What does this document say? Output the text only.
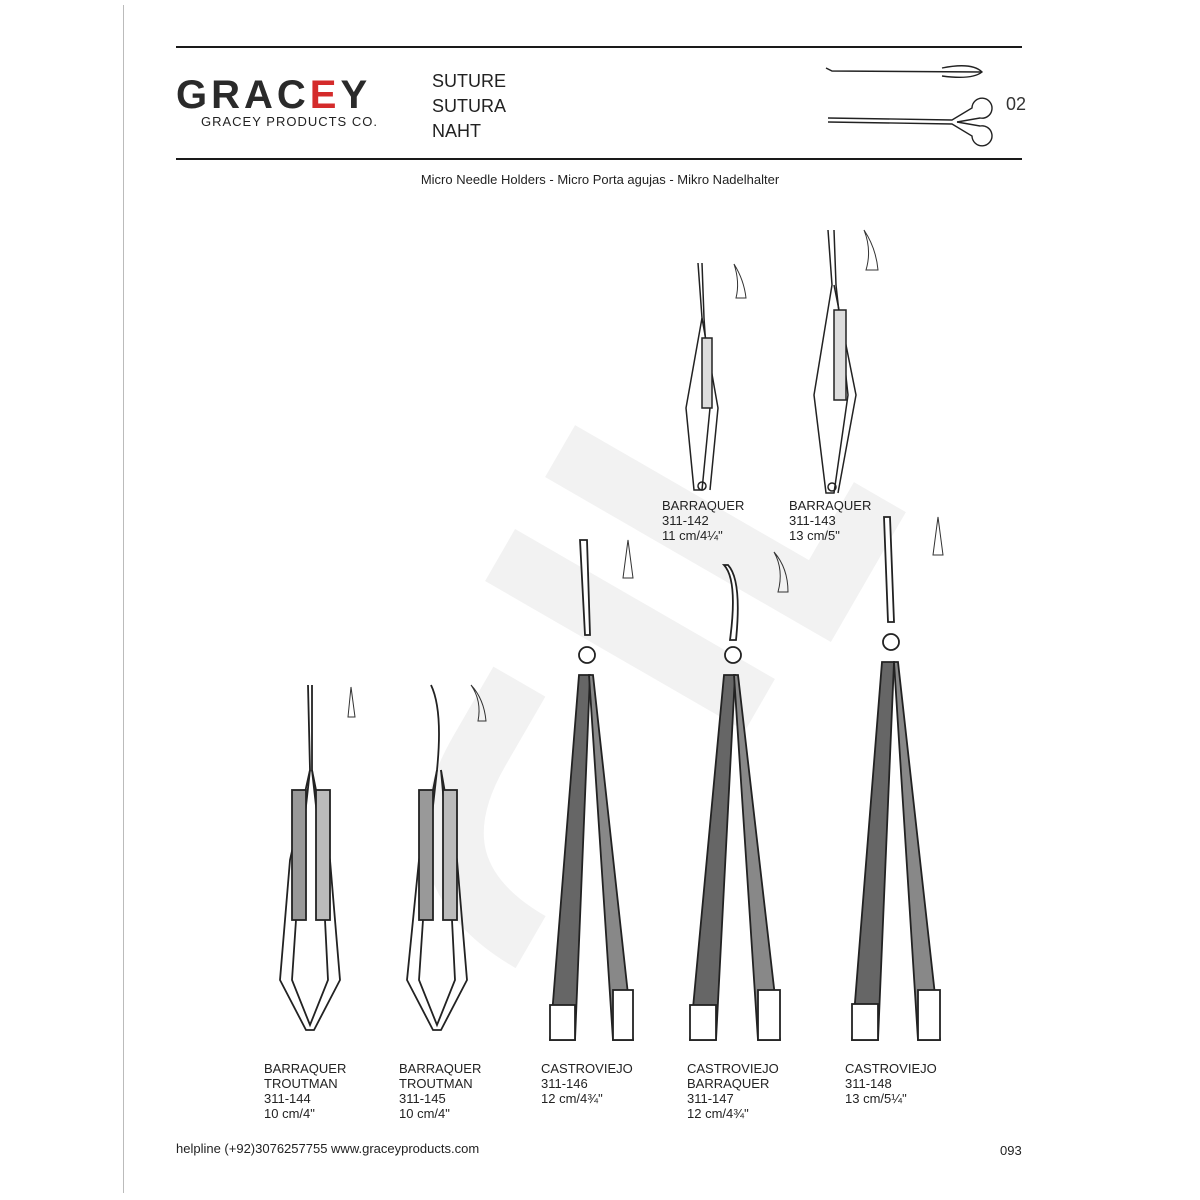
GRACEY
GRACEY PRODUCTS CO.
SUTURE
SUTURA
NAHT
02
Micro Needle Holders - Micro Porta agujas - Mikro Nadelhalter
BARRAQUER
311-142
11 cm/4¼"
BARRAQUER
311-143
13 cm/5"
BARRAQUER
TROUTMAN
311-144
10 cm/4"
BARRAQUER
TROUTMAN
311-145
10 cm/4"
CASTROVIEJO
311-146
12 cm/4¾"
CASTROVIEJO
BARRAQUER
311-147
12 cm/4¾"
CASTROVIEJO
311-148
13 cm/5¼"
helpline (+92)3076257755 www.graceyproducts.com	093
